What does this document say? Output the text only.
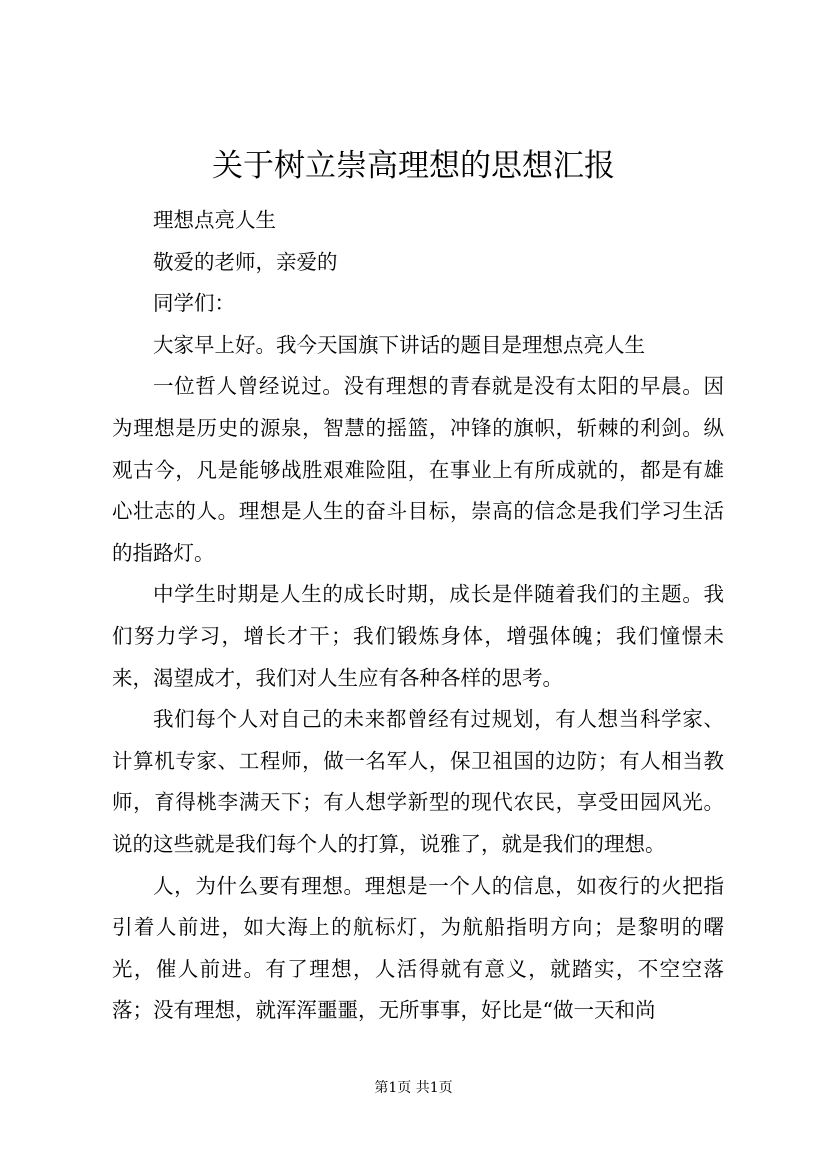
关于树立崇高理想的思想汇报

理想点亮人生

敬爱的老师，亲爱的

同学们：

大家早上好。我今天国旗下讲话的题目是理想点亮人生

一位哲人曾经说过。没有理想的青春就是没有太阳的早晨。因为理想是历史的源泉，智慧的摇篮，冲锋的旗帜，斩棘的利剑。纵观古今，凡是能够战胜艰难险阻，在事业上有所成就的，都是有雄心壮志的人。理想是人生的奋斗目标，崇高的信念是我们学习生活的指路灯。

中学生时期是人生的成长时期，成长是伴随着我们的主题。我们努力学习，增长才干；我们锻炼身体，增强体魄；我们憧憬未来，渴望成才，我们对人生应有各种各样的思考。

我们每个人对自己的未来都曾经有过规划，有人想当科学家、计算机专家、工程师，做一名军人，保卫祖国的边防；有人相当教师，育得桃李满天下；有人想学新型的现代农民，享受田园风光。说的这些就是我们每个人的打算，说雅了，就是我们的理想。

人，为什么要有理想。理想是一个人的信息，如夜行的火把指引着人前进，如大海上的航标灯，为航船指明方向；是黎明的曙光，催人前进。有了理想，人活得就有意义，就踏实，不空空落落；没有理想，就浑浑噩噩，无所事事，好比是“做一天和尚

第1页 共1页
